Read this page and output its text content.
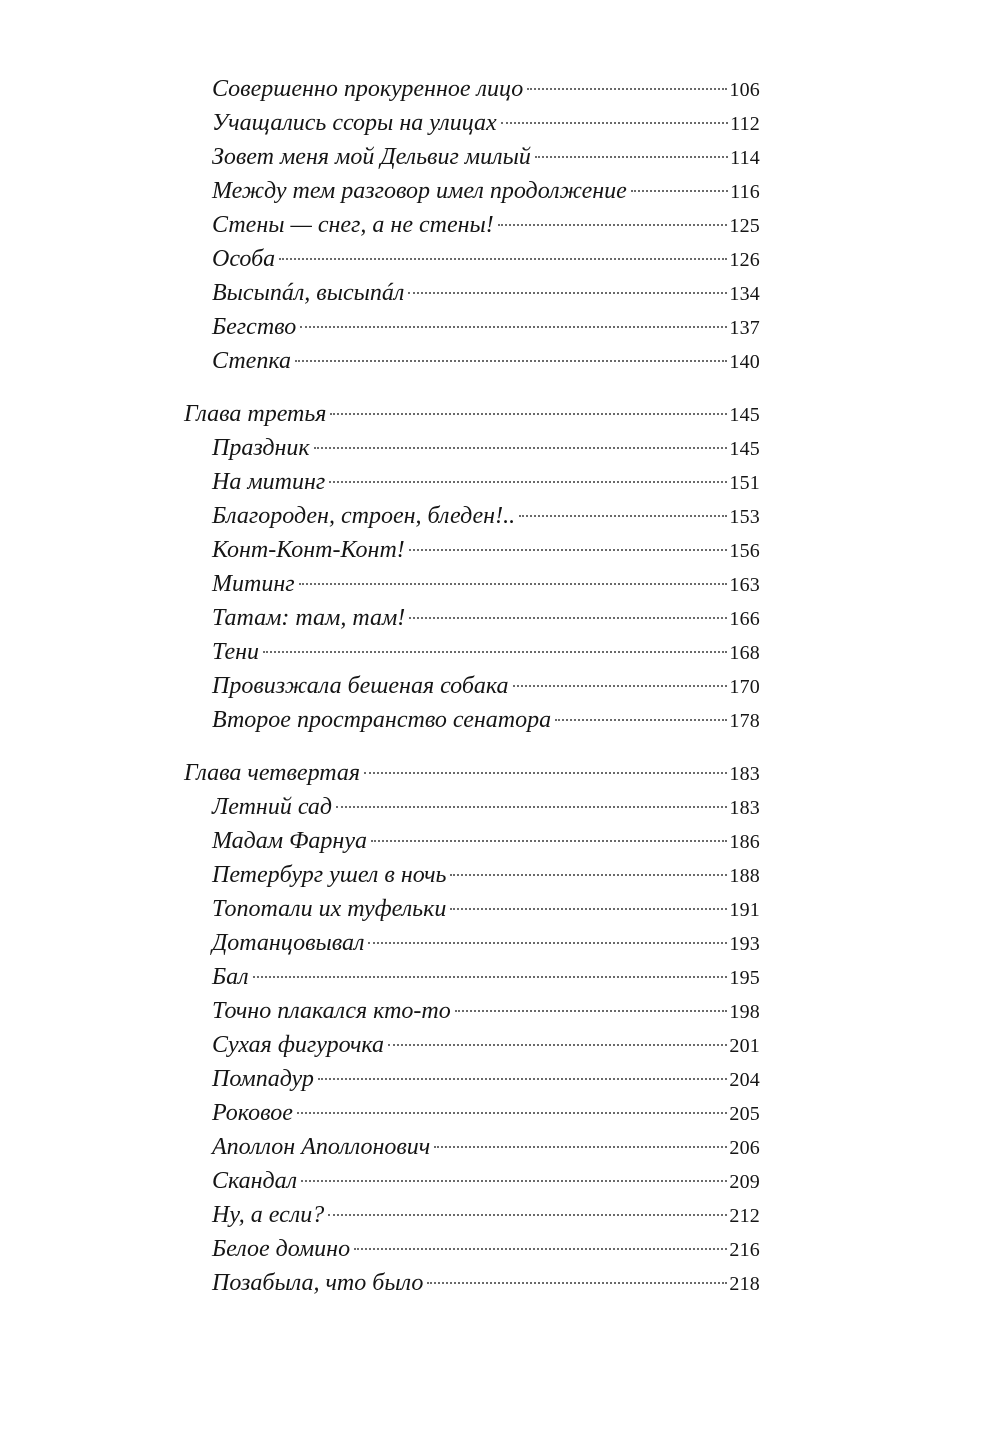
Совершенно прокуренное лицо	106
Учащались ссоры на улицах	112
Зовет меня мой Дельвиг милый	114
Между тем разговор имел продолжение	116
Стены — снег, а не стены!	125
Особа	126
Высыпáл, высыпáл	134
Бегство	137
Степка	140
Глава третья	145
Праздник	145
На митинг	151
Благороден, строен, бледен!..	153
Конт-Конт-Конт!	156
Митинг	163
Татам: там, там!	166
Тени	168
Провизжала бешеная собака	170
Второе пространство сенатора	178
Глава четвертая	183
Летний сад	183
Мадам Фарнуа	186
Петербург ушел в ночь	188
Топотали их туфельки	191
Дотанцовывал	193
Бал	195
Точно плакался кто-то	198
Сухая фигурочка	201
Помпадур	204
Роковое	205
Аполлон Аполлонович	206
Скандал	209
Ну, а если?	212
Белое домино	216
Позабыла, что было	218
